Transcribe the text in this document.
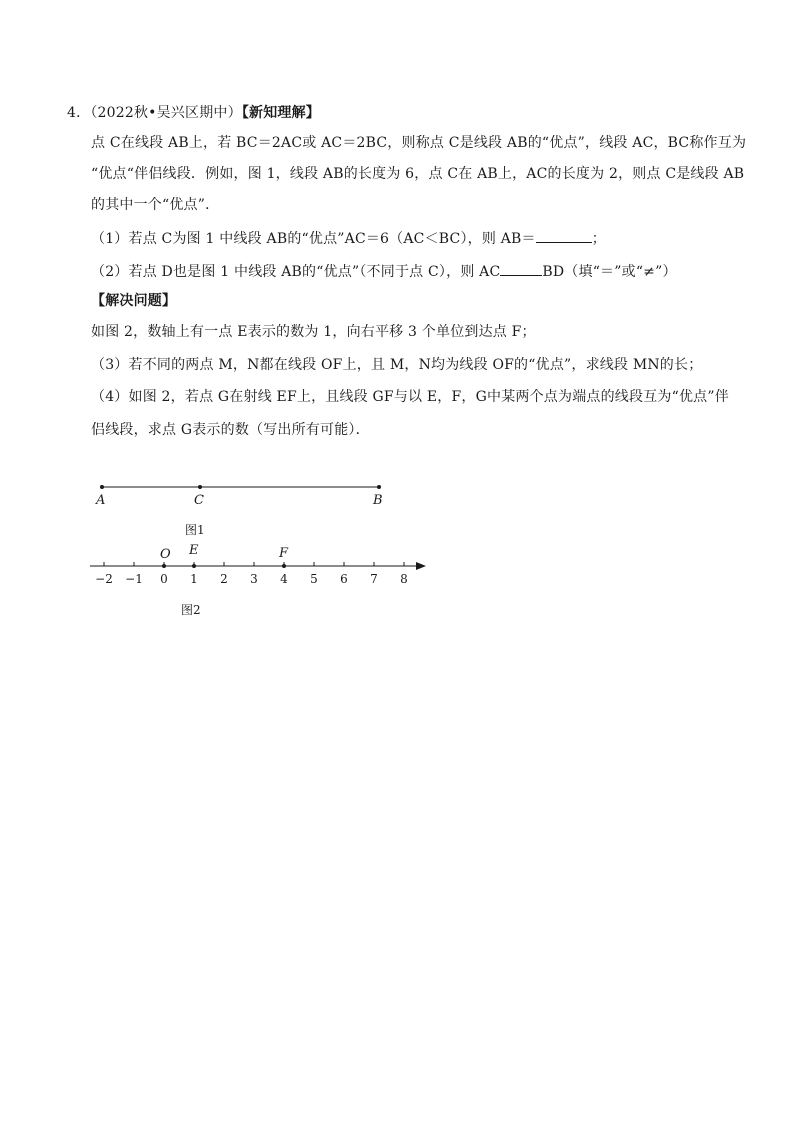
4．（2022秋•吴兴区期中）【新知理解】
点 C在线段 AB上，若 BC＝2AC或 AC＝2BC，则称点 C是线段 AB的“优点”，线段 AC，BC称作互为
“优点“伴侣线段．例如，图 1，线段 AB的长度为 6，点 C在 AB上，AC的长度为 2，则点 C是线段 AB
的其中一个“优点”．
（1）若点 C为图 1 中线段 AB的“优点”AC＝6（AC＜BC），则 AB＝	；
（2）若点 D也是图 1 中线段 AB的“优点”（不同于点 C），则 AC	BD（填“＝”或“≠”）
【解决问题】
如图 2，数轴上有一点 E表示的数为 1，向右平移 3 个单位到达点 F；
（3）若不同的两点 M，N都在线段 OF上，且 M，N均为线段 OF的“优点”，求线段 MN的长；
（4）如图 2，若点 G在射线 EF上，且线段 GF与以 E，F，G中某两个点为端点的线段互为“优点”伴
侣线段，求点 G表示的数（写出所有可能）．
A	C	B
图1
−2 −1 0 1 2 3 4 5 6 7 8
O E	F
图2
